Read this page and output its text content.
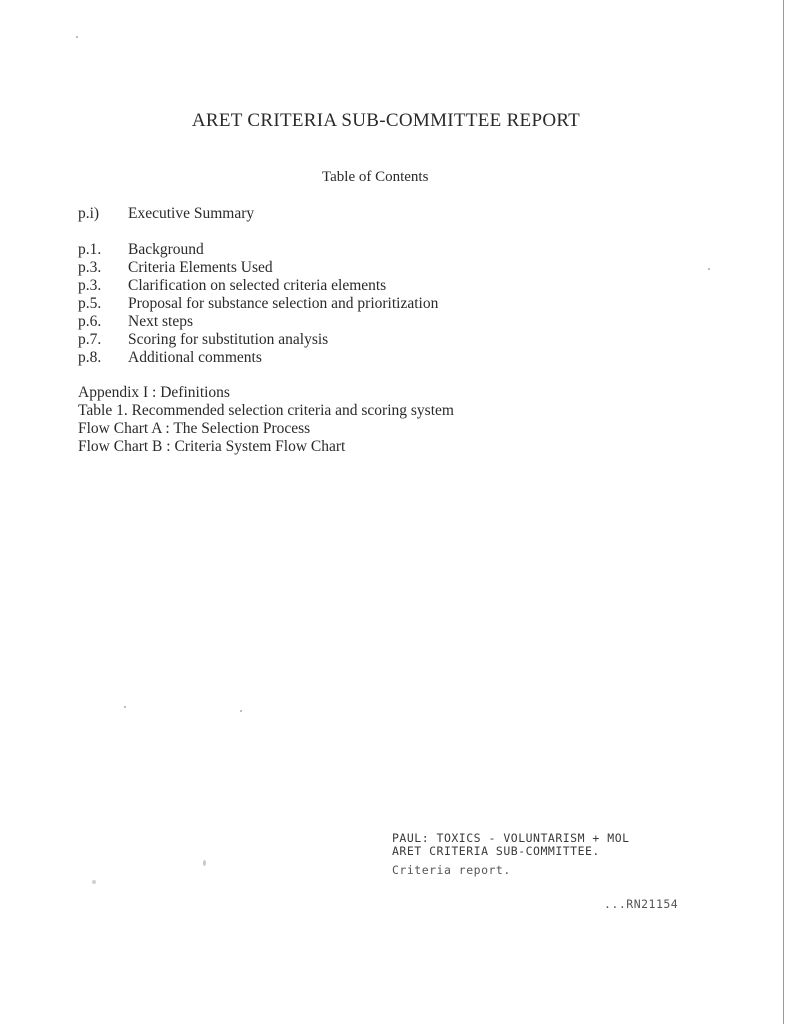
ARET CRITERIA SUB-COMMITTEE REPORT
Table of Contents
p.i) Executive Summary
p.1. Background
p.3. Criteria Elements Used
p.3. Clarification on selected criteria elements
p.5. Proposal for substance selection and prioritization
p.6. Next steps
p.7. Scoring for substitution analysis
p.8. Additional comments
Appendix I : Definitions
Table 1. Recommended selection criteria and scoring system
Flow Chart A : The Selection Process
Flow Chart B : Criteria System Flow Chart
PAUL: TOXICS - VOLUNTARISM + MOL
ARET CRITERIA SUB-COMMITTEE.
Criteria report.
...RN21154
